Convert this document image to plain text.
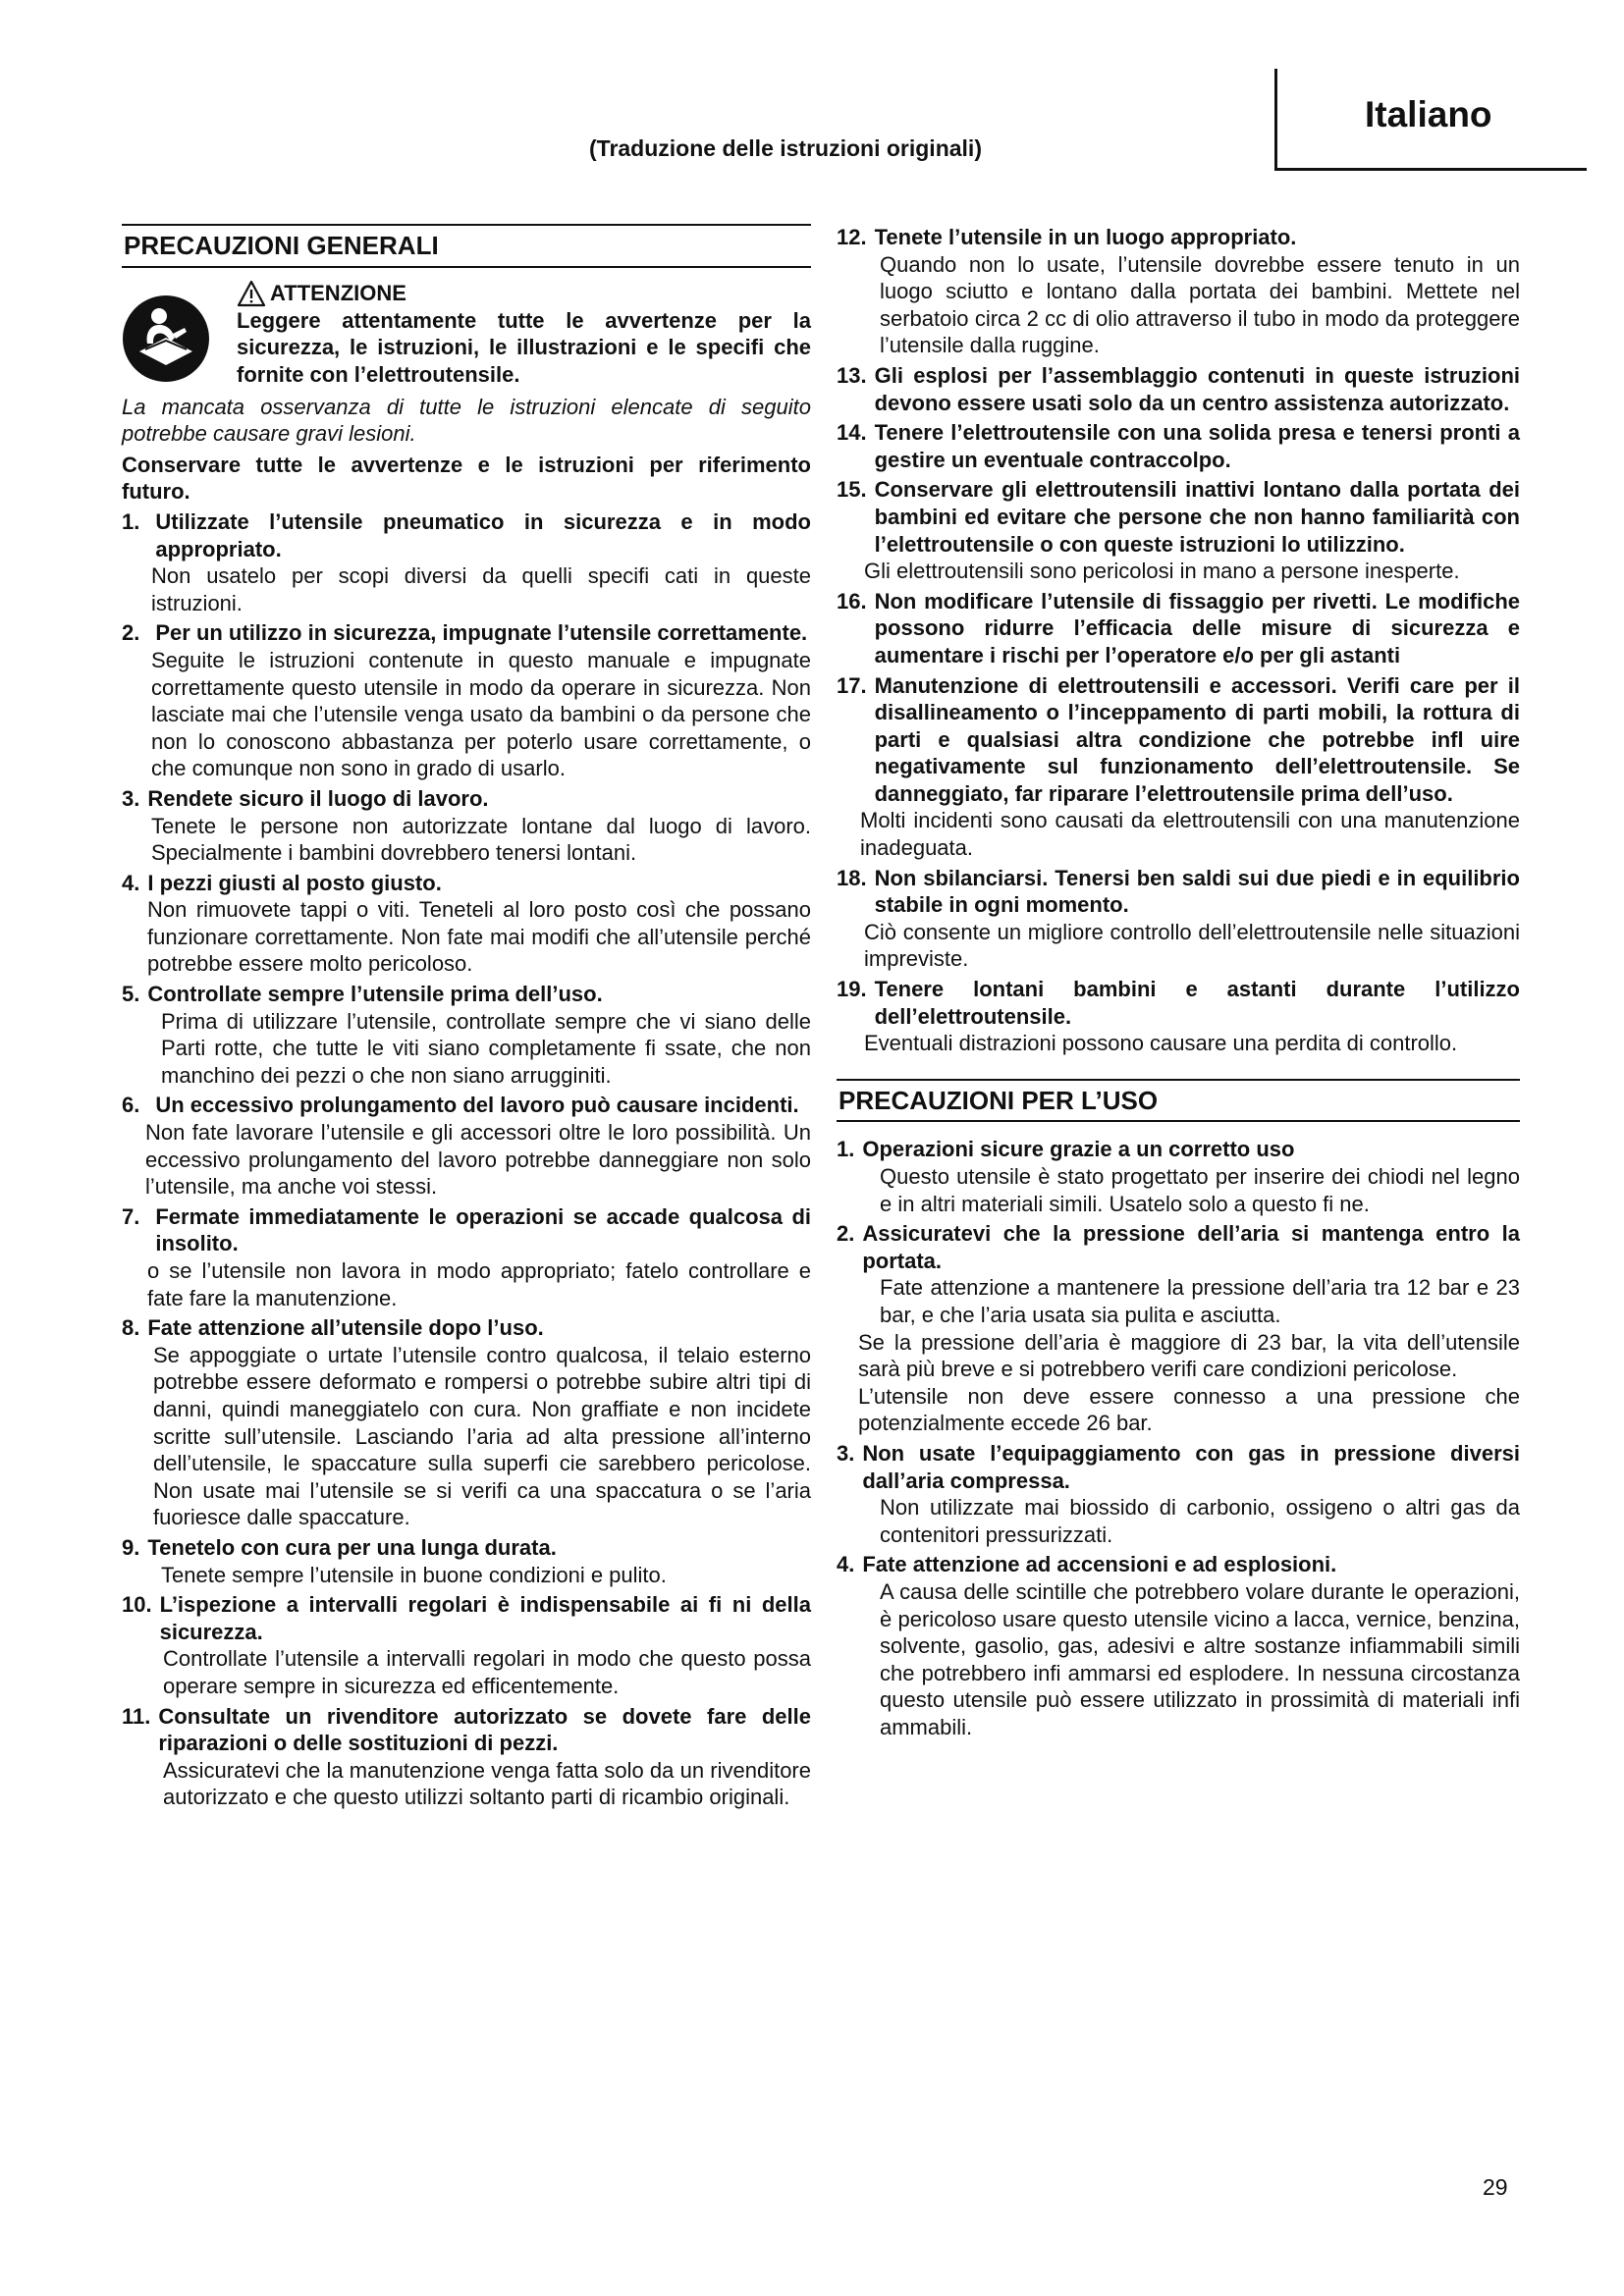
Italiano
(Traduzione delle istruzioni originali)
PRECAUZIONI GENERALI
ATTENZIONE
Leggere attentamente tutte le avvertenze per la sicurezza, le istruzioni, le illustrazioni e le specifi che fornite con l’elettroutensile.
La mancata osservanza di tutte le istruzioni elencate di seguito potrebbe causare gravi lesioni.
Conservare tutte le avvertenze e le istruzioni per riferimento futuro.
1. Utilizzate l’utensile pneumatico in sicurezza e in modo appropriato.

Non usatelo per scopi diversi da quelli specifi cati in queste istruzioni.

2. Per un utilizzo in sicurezza, impugnate l’utensile correttamente.

Seguite le istruzioni contenute in questo manuale e impugnate correttamente questo utensile in modo da operare in sicurezza. Non lasciate mai che l’utensile venga usato da bambini o da persone che non lo conoscono abbastanza per poterlo usare correttamente, o che comunque non sono in grado di usarlo.

3. Rendete sicuro il luogo di lavoro.

Tenete le persone non autorizzate lontane dal luogo di lavoro. Specialmente i bambini dovrebbero tenersi lontani.

4. I pezzi giusti al posto giusto.

Non rimuovete tappi o viti. Teneteli al loro posto così che possano funzionare correttamente. Non fate mai modifi che all’utensile perché potrebbe essere molto pericoloso.

5. Controllate sempre l’utensile prima dell’uso.

Prima di utilizzare l’utensile, controllate sempre che vi siano delle Parti rotte, che tutte le viti siano completamente fi ssate, che non manchino dei pezzi o che non siano arrugginiti.

6. Un eccessivo prolungamento del lavoro può causare incidenti.

Non fate lavorare l’utensile e gli accessori oltre le loro possibilità. Un eccessivo prolungamento del lavoro potrebbe danneggiare non solo l’utensile, ma anche voi stessi.

7. Fermate immediatamente le operazioni se accade qualcosa di insolito.

o se l’utensile non lavora in modo appropriato; fatelo controllare e fate fare la manutenzione.

8. Fate attenzione all’utensile dopo l’uso.

Se appoggiate o urtate l’utensile contro qualcosa, il telaio esterno potrebbe essere deformato e rompersi o potrebbe subire altri tipi di danni, quindi maneggiatelo con cura. Non graffiate e non incidete scritte sull’utensile. Lasciando l’aria ad alta pressione all’interno dell’utensile, le spaccature sulla superfi cie sarebbero pericolose. Non usate mai l’utensile se si verifi ca una spaccatura o se l’aria fuoriesce dalle spaccature.

9. Tenetelo con cura per una lunga durata.

Tenete sempre l’utensile in buone condizioni e pulito.

10. L’ispezione a intervalli regolari è indispensabile ai fi ni della sicurezza.

Controllate l’utensile a intervalli regolari in modo che questo possa operare sempre in sicurezza ed efficentemente.

11. Consultate un rivenditore autorizzato se dovete fare delle riparazioni o delle sostituzioni di pezzi.

Assicuratevi che la manutenzione venga fatta solo da un rivenditore autorizzato e che questo utilizzi soltanto parti di ricambio originali.

12. Tenete l’utensile in un luogo appropriato.

Quando non lo usate, l’utensile dovrebbe essere tenuto in un luogo sciutto e lontano dalla portata dei bambini. Mettete nel serbatoio circa 2 cc di olio attraverso il tubo in modo da proteggere l’utensile dalla ruggine.

13. Gli esplosi per l’assemblaggio contenuti in queste istruzioni devono essere usati solo da un centro assistenza autorizzato.
14. Tenere l’elettroutensile con una solida presa e tenersi pronti a gestire un eventuale contraccolpo.
15. Conservare gli elettroutensili inattivi lontano dalla portata dei bambini ed evitare che persone che non hanno familiarità con l’elettroutensile o con queste istruzioni lo utilizzino.

Gli elettroutensili sono pericolosi in mano a persone inesperte.

16. Non modificare l’utensile di fissaggio per rivetti. Le modifiche possono ridurre l’efficacia delle misure di sicurezza e aumentare i rischi per l’operatore e/o per gli astanti
17. Manutenzione di elettroutensili e accessori. Verifi care per il disallineamento o l’inceppamento di parti mobili, la rottura di parti e qualsiasi altra condizione che potrebbe infl uire negativamente sul funzionamento dell’elettroutensile. Se danneggiato, far riparare l’elettroutensile prima dell’uso.

Molti incidenti sono causati da elettroutensili con una manutenzione inadeguata.

18. Non sbilanciarsi. Tenersi ben saldi sui due piedi e in equilibrio stabile in ogni momento.

Ciò consente un migliore controllo dell’elettroutensile nelle situazioni impreviste.

19. Tenere lontani bambini e astanti durante l’utilizzo dell’elettroutensile.

Eventuali distrazioni possono causare una perdita di controllo.

PRECAUZIONI PER L’USO
1. Operazioni sicure grazie a un corretto uso

Questo utensile è stato progettato per inserire dei chiodi nel legno e in altri materiali simili. Usatelo solo a questo fi ne.

2. Assicuratevi che la pressione dell’aria si mantenga entro la portata.

Fate attenzione a mantenere la pressione dell’aria tra 12 bar e 23 bar, e che l’aria usata sia pulita e asciutta.

Se la pressione dell’aria è maggiore di 23 bar, la vita dell’utensile sarà più breve e si potrebbero verifi care condizioni pericolose.

L’utensile non deve essere connesso a una pressione che potenzialmente eccede 26 bar.

3. Non usate l’equipaggiamento con gas in pressione diversi dall’aria compressa.

Non utilizzate mai biossido di carbonio, ossigeno o altri gas da contenitori pressurizzati.

4. Fate attenzione ad accensioni e ad esplosioni.

A causa delle scintille che potrebbero volare durante le operazioni, è pericoloso usare questo utensile vicino a lacca, vernice, benzina, solvente, gasolio, gas, adesivi e altre sostanze infiammabili simili che potrebbero infi ammarsi ed esplodere. In nessuna circostanza questo utensile può essere utilizzato in prossimità di materiali infi ammabili.

29
